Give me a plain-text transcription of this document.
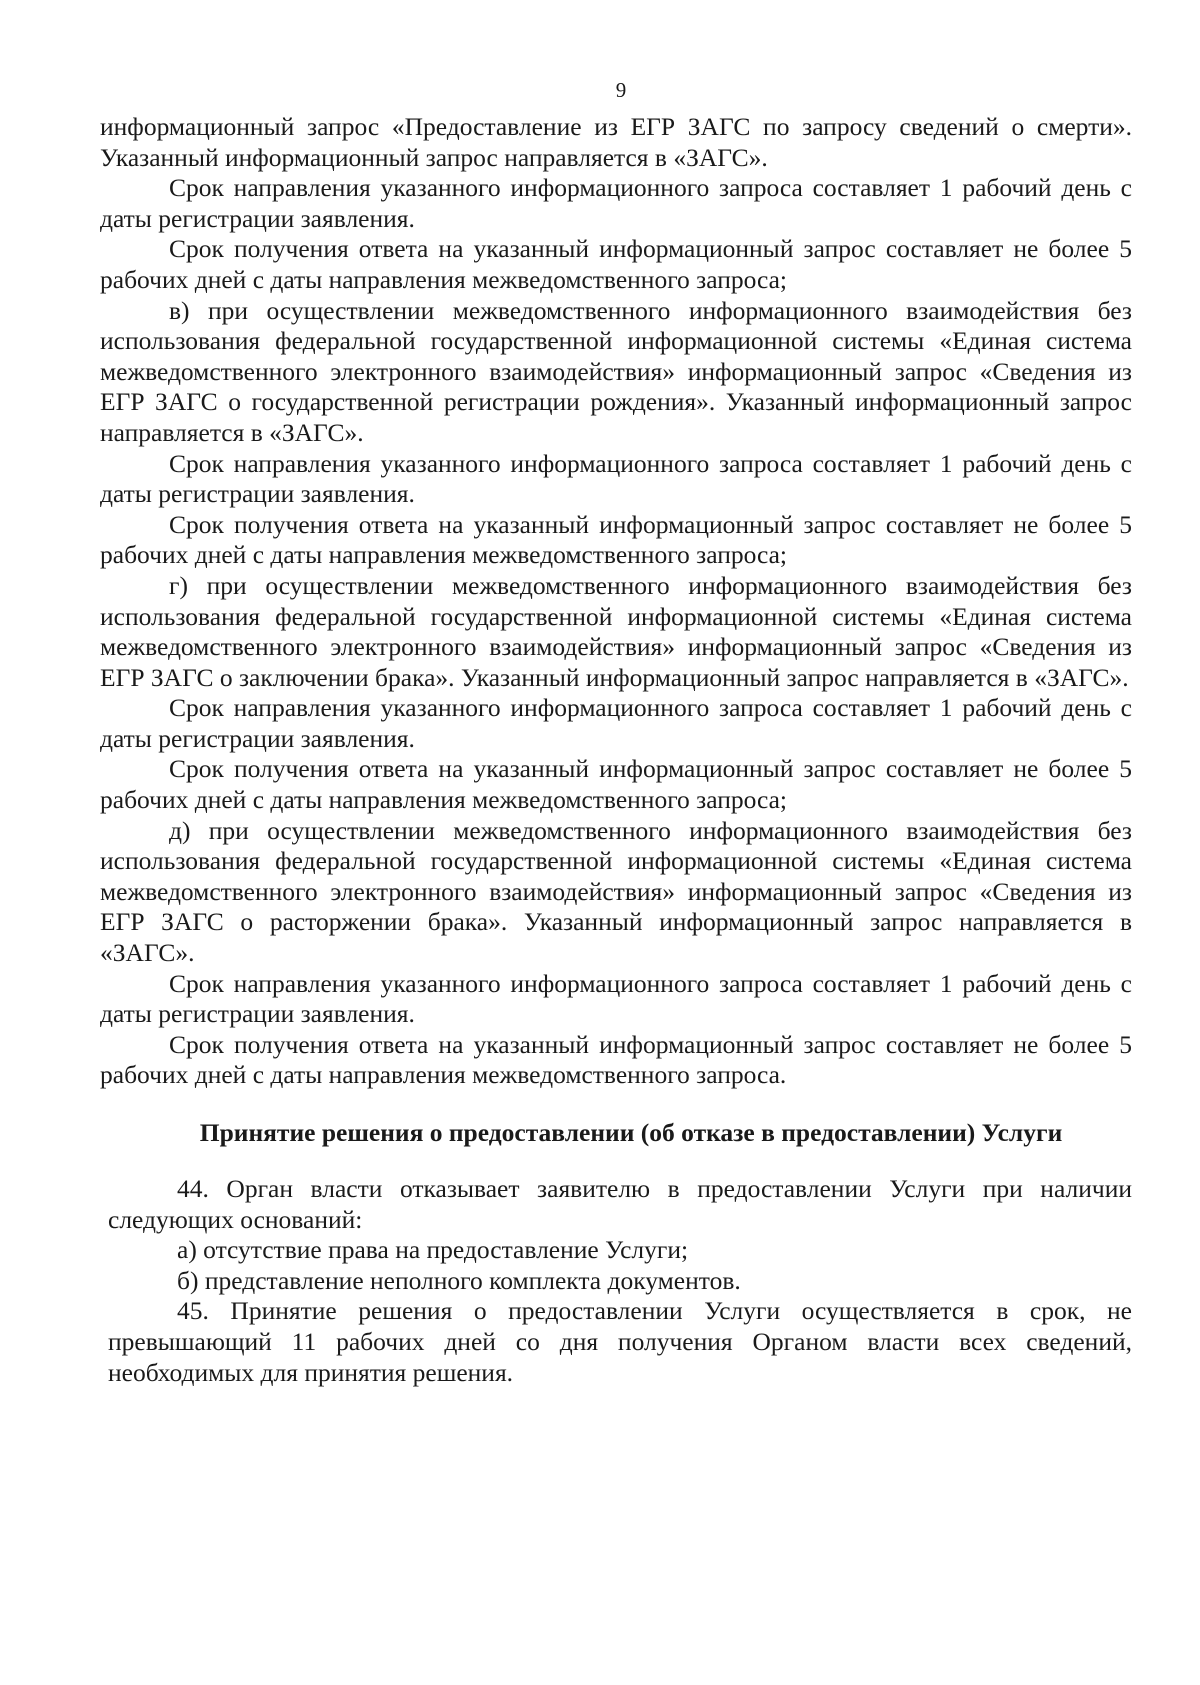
9

информационный запрос «Предоставление из ЕГР ЗАГС по запросу сведений о смерти». Указанный информационный запрос направляется в «ЗАГС».

Срок направления указанного информационного запроса составляет 1 рабочий день с даты регистрации заявления.

Срок получения ответа на указанный информационный запрос составляет не более 5 рабочих дней с даты направления межведомственного запроса;

в) при осуществлении межведомственного информационного взаимодействия без использования федеральной государственной информационной системы «Единая система межведомственного электронного взаимодействия» информационный запрос «Сведения из ЕГР ЗАГС о государственной регистрации рождения». Указанный информационный запрос направляется в «ЗАГС».

Срок направления указанного информационного запроса составляет 1 рабочий день с даты регистрации заявления.

Срок получения ответа на указанный информационный запрос составляет не более 5 рабочих дней с даты направления межведомственного запроса;

г) при осуществлении межведомственного информационного взаимодействия без использования федеральной государственной информационной системы «Единая система межведомственного электронного взаимодействия» информационный запрос «Сведения из ЕГР ЗАГС о заключении брака». Указанный информационный запрос направляется в «ЗАГС».

Срок направления указанного информационного запроса составляет 1 рабочий день с даты регистрации заявления.

Срок получения ответа на указанный информационный запрос составляет не более 5 рабочих дней с даты направления межведомственного запроса;

д) при осуществлении межведомственного информационного взаимодействия без использования федеральной государственной информационной системы «Единая система межведомственного электронного взаимодействия» информационный запрос «Сведения из ЕГР ЗАГС о расторжении брака». Указанный информационный запрос направляется в «ЗАГС».

Срок направления указанного информационного запроса составляет 1 рабочий день с даты регистрации заявления.

Срок получения ответа на указанный информационный запрос составляет не более 5 рабочих дней с даты направления межведомственного запроса.

Принятие решения о предоставлении (об отказе в предоставлении) Услуги

44. Орган власти отказывает заявителю в предоставлении Услуги при наличии следующих оснований:

а) отсутствие права на предоставление Услуги;

б) представление неполного комплекта документов.

45. Принятие решения о предоставлении Услуги осуществляется в срок, не превышающий 11 рабочих дней со дня получения Органом власти всех сведений, необходимых для принятия решения.
